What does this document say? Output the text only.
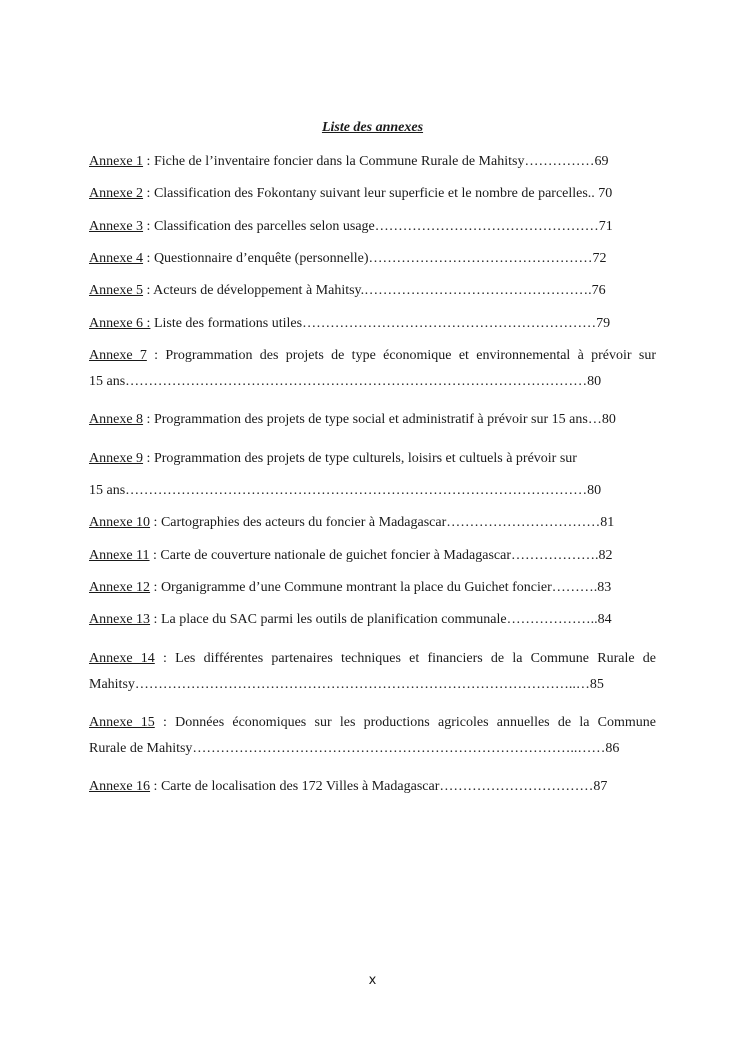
Liste des annexes
Annexe 1 : Fiche de l’inventaire foncier dans la Commune Rurale de Mahitsy……………69
Annexe 2 : Classification des Fokontany suivant leur superficie et le nombre de parcelles.. 70
Annexe 3 : Classification des parcelles selon usage…………………………………………71
Annexe 4 : Questionnaire d’enquête (personnelle)…………………………………………72
Annexe 5 : Acteurs de développement à Mahitsy.………………………………………….76
Annexe 6 : Liste des formations utiles………………………………………………………79
Annexe 7 : Programmation des projets de type économique et environnemental à prévoir sur
15 ans………………………………………………………………………………………80
Annexe 8 : Programmation des projets de type social et administratif à prévoir sur 15 ans…80
Annexe 9 : Programmation des projets de type culturels, loisirs et cultuels à prévoir sur
15 ans………………………………………………………………………………………80
Annexe 10 : Cartographies des acteurs du foncier à Madagascar……………………………81
Annexe 11 : Carte de couverture nationale de guichet foncier à Madagascar……………….82
Annexe 12 : Organigramme d’une Commune montrant la place du Guichet foncier……….83
Annexe 13 : La place du SAC parmi les outils de planification communale………………..84
Annexe 14 : Les différentes partenaires techniques et financiers de la Commune Rurale de
Mahitsy…………………………………………………………………………………..…85
Annexe 15 : Données économiques sur les productions agricoles annuelles de la Commune
Rurale de Mahitsy………………………………………………………………………..……86
Annexe 16 : Carte de localisation des 172 Villes à Madagascar……………………………87
x
